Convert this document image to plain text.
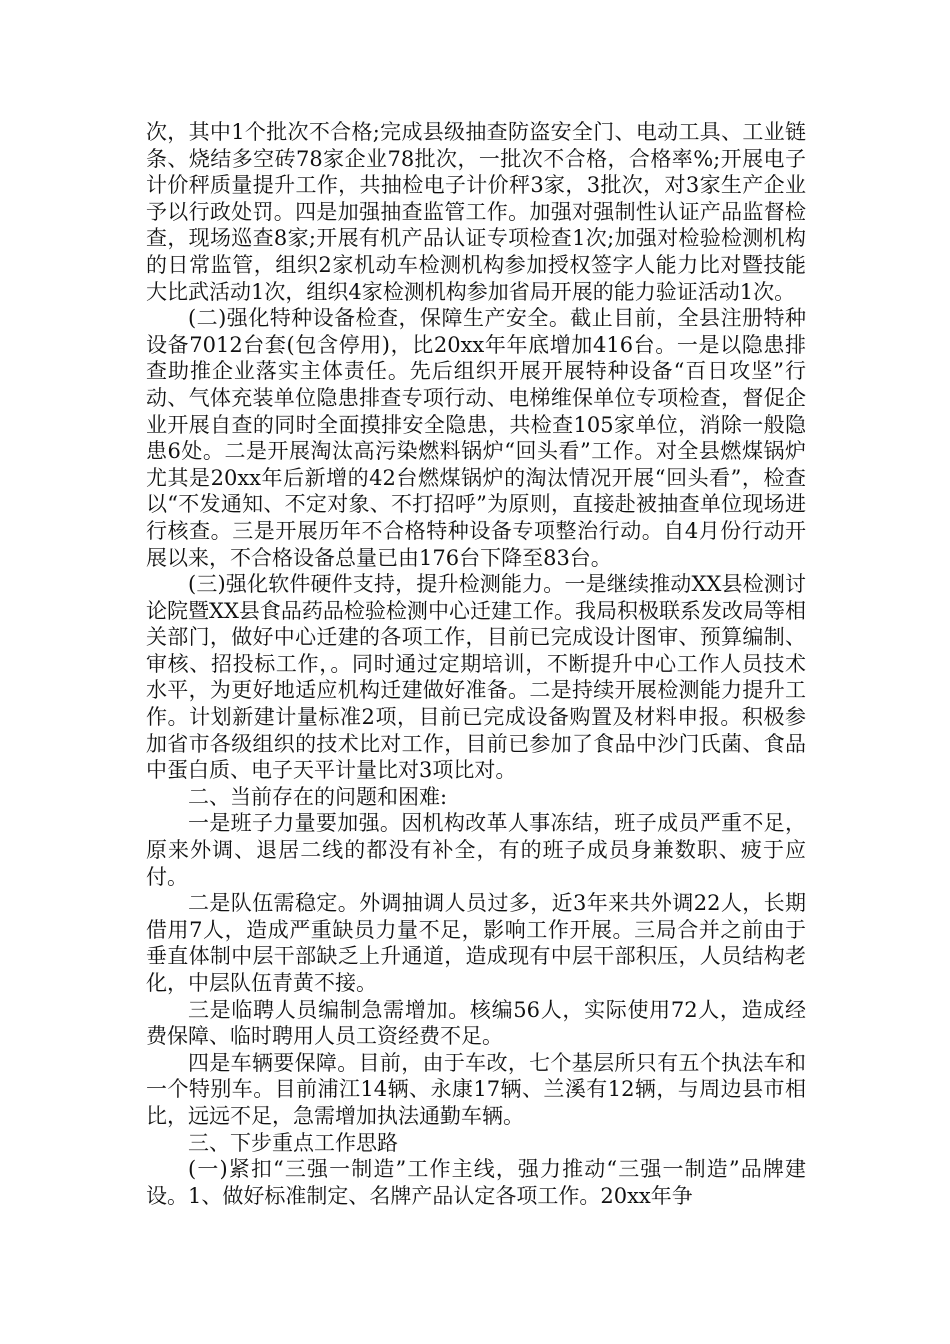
次，其中1个批次不合格;完成县级抽查防盗安全门、电动工具、工业链条、烧结多空砖78家企业78批次，一批次不合格，合格率%;开展电子计价秤质量提升工作，共抽检电子计价秤3家，3批次，对3家生产企业予以行政处罚。四是加强抽查监管工作。加强对强制性认证产品监督检查，现场巡查8家;开展有机产品认证专项检查1次;加强对检验检测机构的日常监管，组织2家机动车检测机构参加授权签字人能力比对暨技能大比武活动1次，组织4家检测机构参加省局开展的能力验证活动1次。

(二)强化特种设备检查，保障生产安全。截止目前，全县注册特种设备7012台套(包含停用)，比20xx年年底增加416台。一是以隐患排查助推企业落实主体责任。先后组织开展开展特种设备“百日攻坚”行动、气体充装单位隐患排查专项行动、电梯维保单位专项检查，督促企业开展自查的同时全面摸排安全隐患，共检查105家单位，消除一般隐患6处。二是开展淘汰高污染燃料锅炉“回头看”工作。对全县燃煤锅炉尤其是20xx年后新增的42台燃煤锅炉的淘汰情况开展“回头看”，检查以“不发通知、不定对象、不打招呼”为原则，直接赴被抽查单位现场进行核查。三是开展历年不合格特种设备专项整治行动。自4月份行动开展以来，不合格设备总量已由176台下降至83台。

(三)强化软件硬件支持，提升检测能力。一是继续推动XX县检测讨论院暨XX县食品药品检验检测中心迁建工作。我局积极联系发改局等相关部门，做好中心迁建的各项工作，目前已完成设计图审、预算编制、审核、招投标工作，。同时通过定期培训，不断提升中心工作人员技术水平，为更好地适应机构迁建做好准备。二是持续开展检测能力提升工作。计划新建计量标准2项，目前已完成设备购置及材料申报。积极参加省市各级组织的技术比对工作，目前已参加了食品中沙门氏菌、食品中蛋白质、电子天平计量比对3项比对。

二、当前存在的问题和困难:

一是班子力量要加强。因机构改革人事冻结，班子成员严重不足，原来外调、退居二线的都没有补全，有的班子成员身兼数职、疲于应付。

二是队伍需稳定。外调抽调人员过多，近3年来共外调22人，长期借用7人，造成严重缺员力量不足，影响工作开展。三局合并之前由于垂直体制中层干部缺乏上升通道，造成现有中层干部积压，人员结构老化，中层队伍青黄不接。

三是临聘人员编制急需增加。核编56人，实际使用72人，造成经费保障、临时聘用人员工资经费不足。

四是车辆要保障。目前，由于车改，七个基层所只有五个执法车和一个特别车。目前浦江14辆、永康17辆、兰溪有12辆，与周边县市相比，远远不足，急需增加执法通勤车辆。

三、下步重点工作思路

(一)紧扣“三强一制造”工作主线，强力推动“三强一制造”品牌建设。1、做好标准制定、名牌产品认定各项工作。20xx年争
